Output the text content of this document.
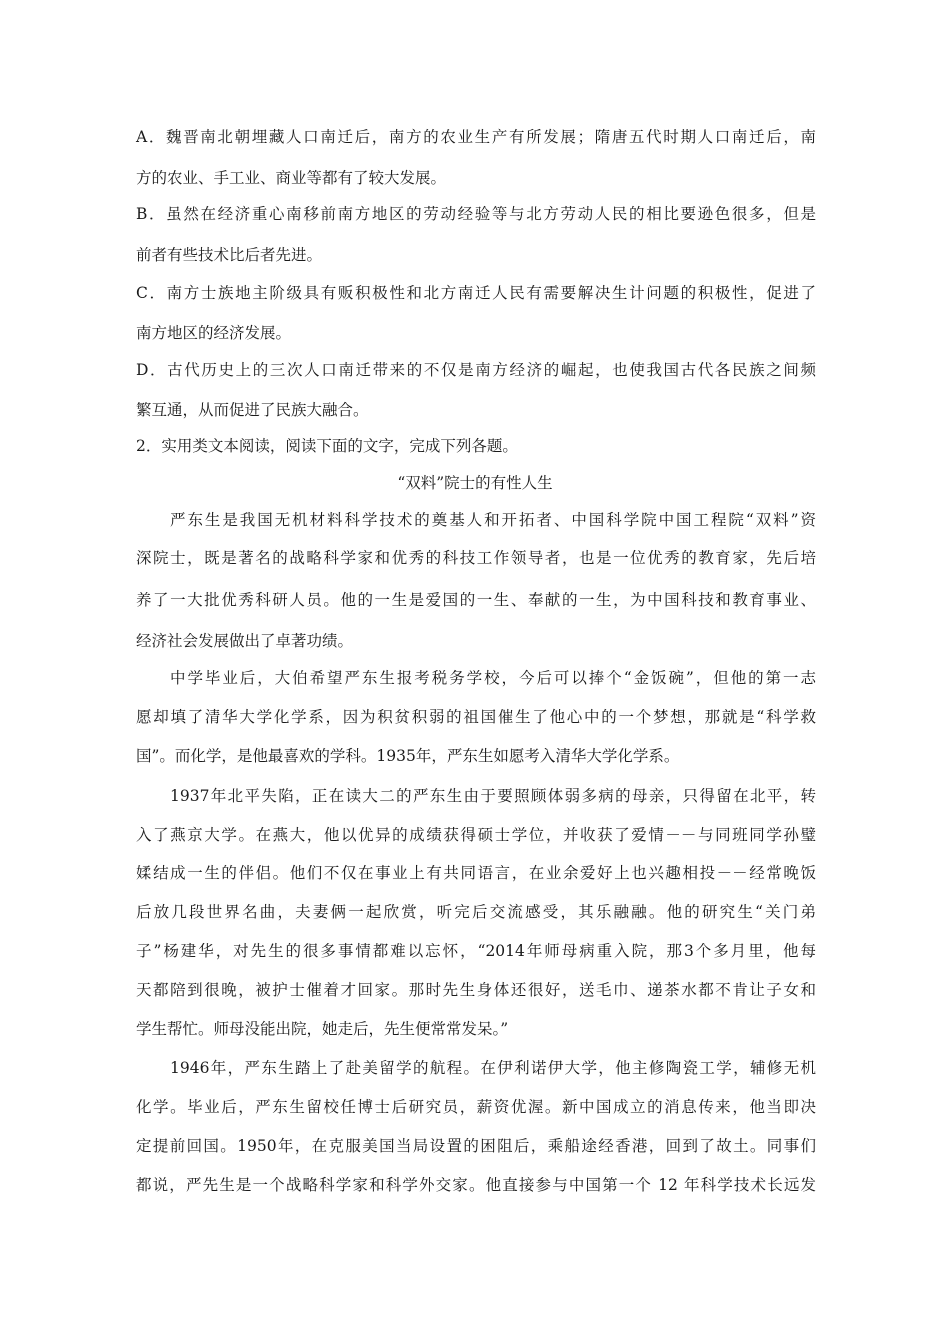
A．魏晋南北朝埋藏人口南迁后，南方的农业生产有所发展；隋唐五代时期人口南迁后，南
方的农业、手工业、商业等都有了较大发展。
B．虽然在经济重心南移前南方地区的劳动经验等与北方劳动人民的相比要逊色很多，但是
前者有些技术比后者先进。
C．南方士族地主阶级具有贩积极性和北方南迁人民有需要解决生计问题的积极性，促进了
南方地区的经济发展。
D．古代历史上的三次人口南迁带来的不仅是南方经济的崛起，也使我国古代各民族之间频
繁互通，从而促进了民族大融合。
2．实用类文本阅读，阅读下面的文字，完成下列各题。
“双料”院士的有性人生
严东生是我国无机材料科学技术的奠基人和开拓者、中国科学院中国工程院“双料”资
深院士，既是著名的战略科学家和优秀的科技工作领导者，也是一位优秀的教育家，先后培
养了一大批优秀科研人员。他的一生是爱国的一生、奉献的一生，为中国科技和教育事业、
经济社会发展做出了卓著功绩。
中学毕业后，大伯希望严东生报考税务学校，今后可以捧个“金饭碗”，但他的第一志
愿却填了清华大学化学系，因为积贫积弱的祖国催生了他心中的一个梦想，那就是“科学救
国”。而化学，是他最喜欢的学科。1935年，严东生如愿考入清华大学化学系。
1937年北平失陷，正在读大二的严东生由于要照顾体弱多病的母亲，只得留在北平，转
入了燕京大学。在燕大，他以优异的成绩获得硕士学位，并收获了爱情－－与同班同学孙璧
媃结成一生的伴侣。他们不仅在事业上有共同语言，在业余爱好上也兴趣相投－－经常晚饭
后放几段世界名曲，夫妻俩一起欣赏，听完后交流感受，其乐融融。他的研究生“关门弟
子”杨建华，对先生的很多事情都难以忘怀，“2014年师母病重入院，那3个多月里，他每
天都陪到很晚，被护士催着才回家。那时先生身体还很好，送毛巾、递茶水都不肯让子女和
学生帮忙。师母没能出院，她走后，先生便常常发呆。”
1946年，严东生踏上了赴美留学的航程。在伊利诺伊大学，他主修陶瓷工学，辅修无机
化学。毕业后，严东生留校任博士后研究员，薪资优渥。新中国成立的消息传来，他当即决
定提前回国。1950年，在克服美国当局设置的困阻后，乘船途经香港，回到了故土。同事们
都说，严先生是一个战略科学家和科学外交家。他直接参与中国第一个 12 年科学技术长远发
